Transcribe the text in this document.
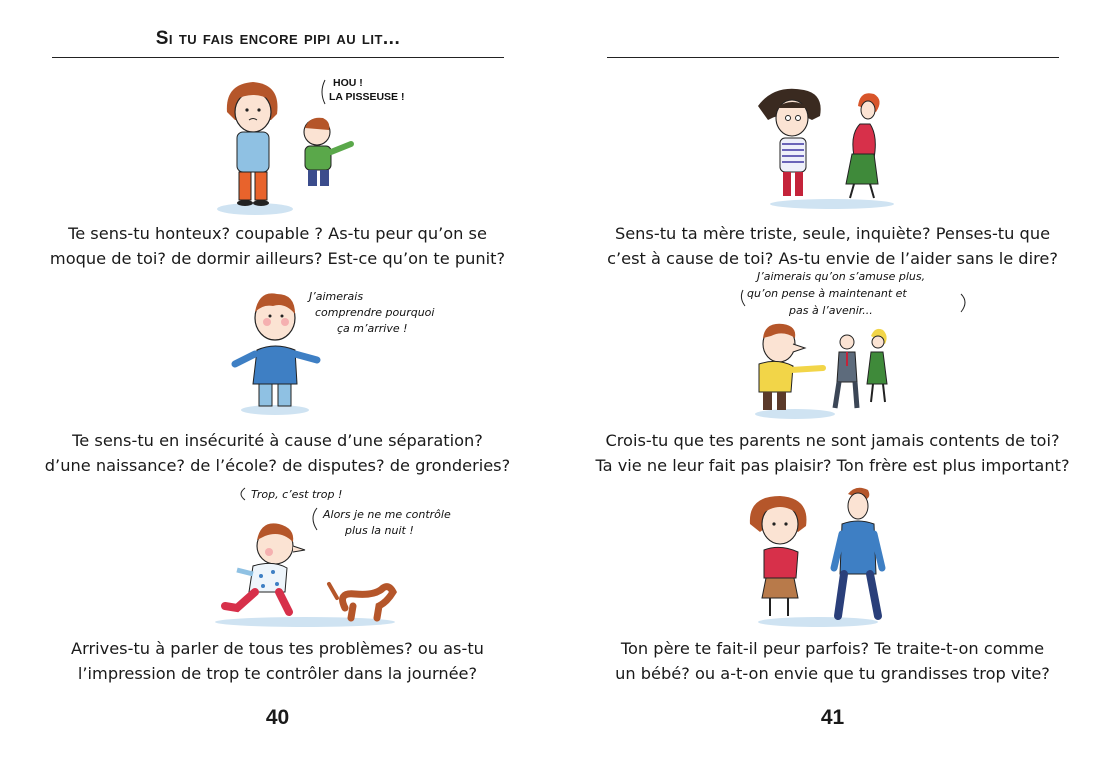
Si tu fais encore pipi au lit...
HOU !
LA PISSEUSE !
Te sens-tu honteux? coupable ? As-tu peur qu’on se
moque de toi? de dormir ailleurs? Est-ce qu’on te punit?
J’aimerais
comprendre pourquoi
ça m’arrive !
Te sens-tu en insécurité à cause d’une séparation?
d’une naissance? de l’école? de disputes? de gronderies?
Trop, c’est trop !
Alors je ne me contrôle
plus la nuit !
Arrives-tu à parler de tous tes problèmes? ou as-tu
l’impression de trop te contrôler dans la journée?
40
Sens-tu ta mère triste, seule, inquiète? Penses-tu que
c’est à cause de toi? As-tu envie de l’aider sans le dire?
J’aimerais qu’on s’amuse plus,
qu’on pense à maintenant et
pas à l’avenir...
Crois-tu que tes parents ne sont jamais contents de toi?
Ta vie ne leur fait pas plaisir? Ton frère est plus important?
Ton père te fait-il peur parfois? Te traite-t-on comme
un bébé? ou a-t-on envie que tu grandisses trop vite?
41
